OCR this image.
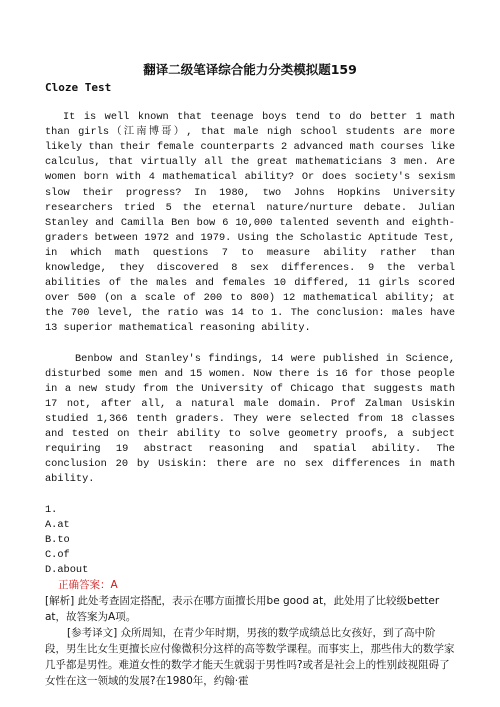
翻译二级笔译综合能力分类模拟题159
Cloze Test

It is well known that teenage boys tend to do better 1 math than girls（江南博哥）, that male nigh school students are more likely than their female counterparts 2 advanced math courses like calculus, that virtually all the great mathematicians 3 men. Are women born with 4 mathematical ability? Or does society's sexism slow their progress? In 1980, two Johns Hopkins University researchers tried 5 the eternal nature/nurture debate. Julian Stanley and Camilla Ben bow 6 10,000 talented seventh and eighth-graders between 1972 and 1979. Using the Scholastic Aptitude Test, in which math questions 7 to measure ability rather than knowledge, they discovered 8 sex differences. 9 the verbal abilities of the males and females 10 differed, 11 girls scored over 500 (on a scale of 200 to 800) 12 mathematical ability; at the 700 level, the ratio was 14 to 1. The conclusion: males have 13 superior mathematical reasoning ability.

Benbow and Stanley's findings, 14 were published in Science, disturbed some men and 15 women. Now there is 16 for those people in a new study from the University of Chicago that suggests math 17 not, after all, a natural male domain. Prof Zalman Usiskin studied 1,366 tenth graders. They were selected from 18 classes and tested on their ability to solve geometry proofs, a subject requiring 19 abstract reasoning and spatial ability. The conclusion 20 by Usiskin: there are no sex differences in math ability.

1.

A.at
B.to
C.of
D.about

正确答案：A

[解析] 此处考查固定搭配，表示在哪方面擅长用be good at，此处用了比较级better at，故答案为A项。

[参考译文] 众所周知，在青少年时期，男孩的数学成绩总比女孩好，到了高中阶段，男生比女生更擅长应付像微积分这样的高等数学课程。而事实上，那些伟大的数学家几乎都是男性。难道女性的数学才能天生就弱于男性吗?或者是社会上的性别歧视阻碍了女性在这一领域的发展?在1980年，约翰·霍
